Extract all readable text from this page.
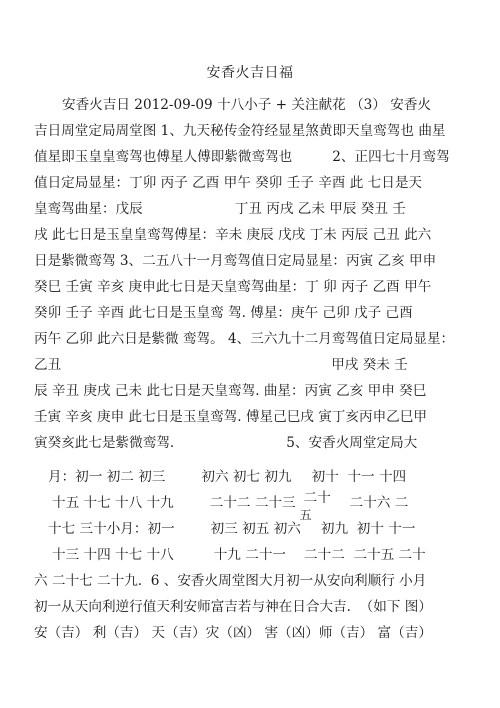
安香火吉日福
安香火吉日 2012-09-09 十八小子 + 关注献花 （3） 安香火
吉日周堂定局周堂图 1、九天秘传金符经显星煞黄即天皇鸾驾也 曲星
值星即玉皇皇鸾驾也傅星人傅即紫微鸾驾也	2、正四七十月鸾驾
值日定局显星：丁卯 丙子 乙酉 甲午 癸卯 壬子 辛酉 此 七日是天
皇鸾驾曲星：戊辰	丁丑 丙戌 乙未 甲辰 癸丑 壬
戌 此七日是玉皇皇鸾驾傅星：辛未 庚辰 戊戌 丁未 丙辰 己丑 此六
日是紫微鸾驾 3、二五八十一月鸾驾值日定局显星：丙寅 乙亥 甲申
癸巳 壬寅 辛亥 庚申此七日是天皇鸾驾曲星：丁 卯 丙子 乙酉 甲午
癸卯 壬子 辛酉 此七日是玉皇鸾 驾. 傅星：庚午 己卯 戊子 己酉
丙午 乙卯 此六日是紫微 鸾驾。 4、三六九十二月鸾驾值日定局显星：
乙丑	甲戌 癸未 壬
辰 辛丑 庚戌 己未 此七日是天皇鸾驾. 曲星：丙寅 乙亥 甲申 癸巳
壬寅 辛亥 庚申 此七日是玉皇鸾驾. 傅星己巳戌 寅丁亥丙申乙巳甲
寅癸亥此七是紫微鸾驾.	5、安香火周堂定局大
月：初一 初二 初三	初六 初七 初九 初十  十一 十四
十五 十七 十八 十九	二十二 二十三 二十
五
二十六 二
十七 三十小月：初一	初三 初五 初六 初九  初十 十一
十三 十四 十七 十八	十九 二十一 二十二  二十五 二十
六 二十七 二十九.  6 、安香火周堂图大月初一从安向利顺行 小月
初一从天向利逆行值天利安师富吉若与神在日合大吉.  （如下 图）
安（吉） 利（吉） 天（吉）灾（凶） 害（凶）师（吉） 富（吉）
